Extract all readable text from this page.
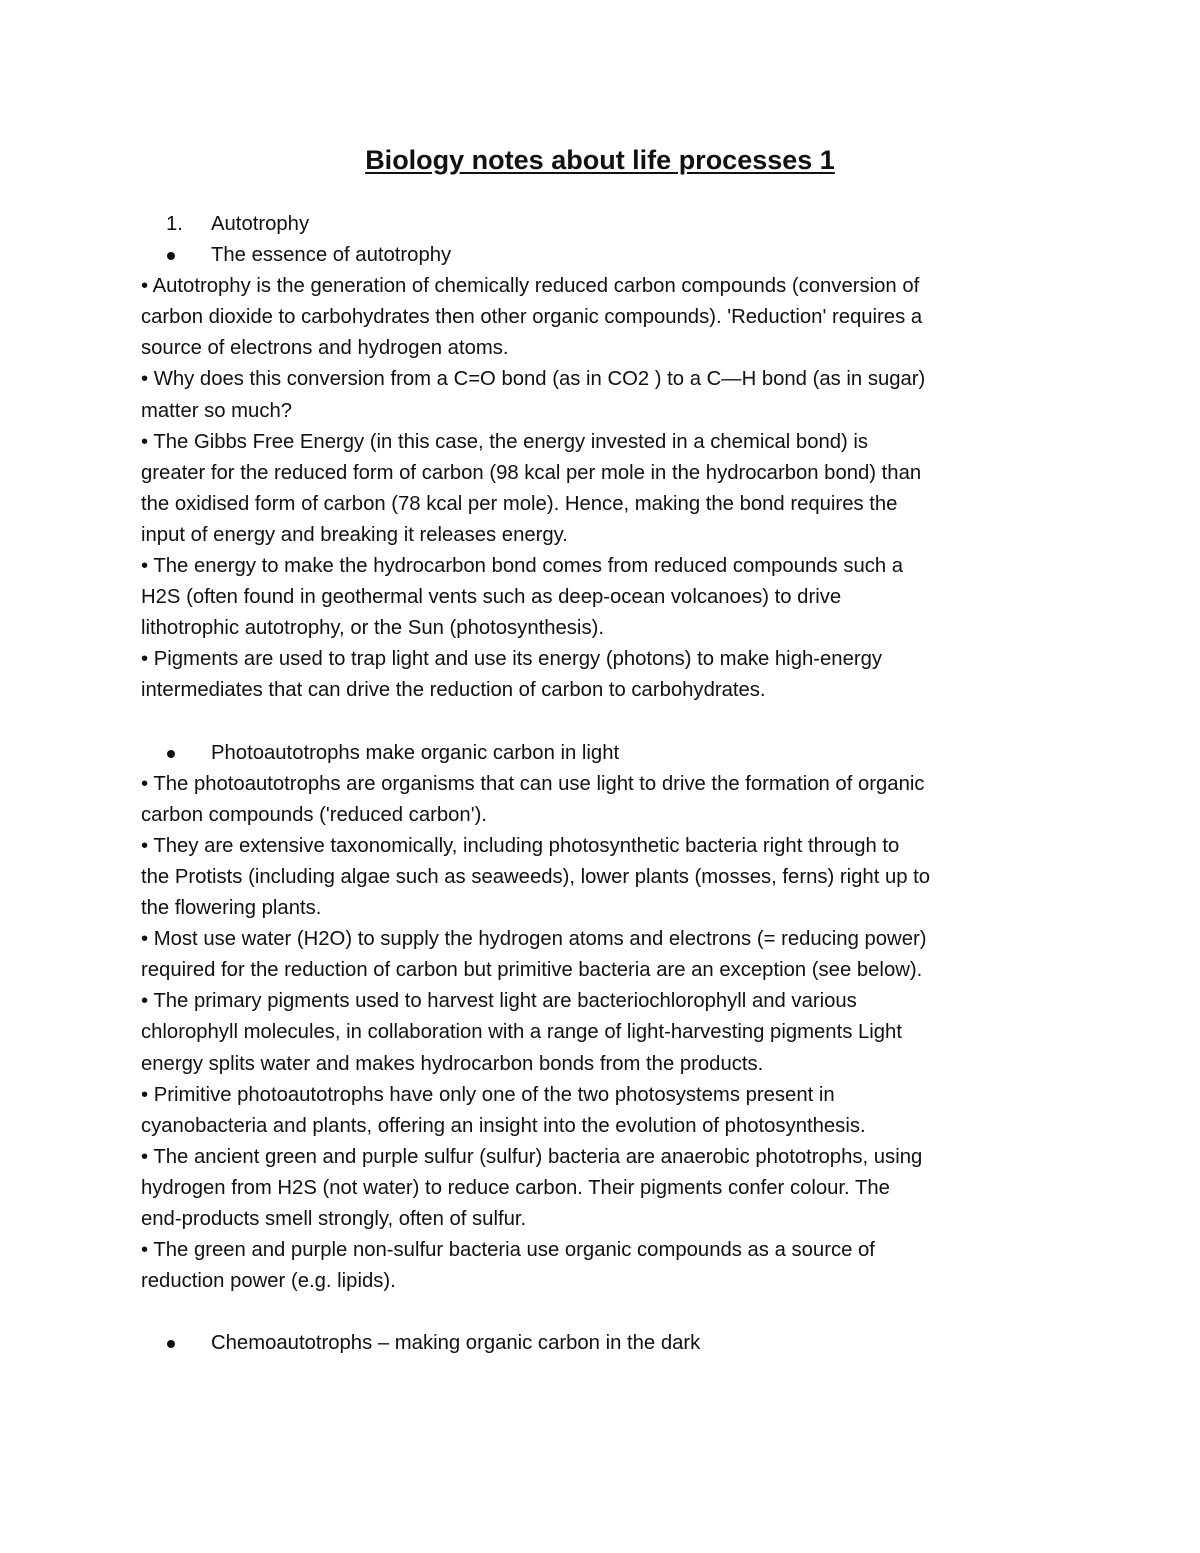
Biology notes about life processes 1
1. Autotrophy
The essence of autotrophy
• Autotrophy is the generation of chemically reduced carbon compounds (conversion of
carbon dioxide to carbohydrates then other organic compounds). 'Reduction' requires a
source of electrons and hydrogen atoms.
• Why does this conversion from a C=O bond (as in CO2 ) to a C—H bond (as in sugar)
matter so much?
• The Gibbs Free Energy (in this case, the energy invested in a chemical bond) is
greater for the reduced form of carbon (98 kcal per mole in the hydrocarbon bond) than
the oxidised form of carbon (78 kcal per mole). Hence, making the bond requires the
input of energy and breaking it releases energy.
• The energy to make the hydrocarbon bond comes from reduced compounds such a
H2S (often found in geothermal vents such as deep-ocean volcanoes) to drive
lithotrophic autotrophy, or the Sun (photosynthesis).
• Pigments are used to trap light and use its energy (photons) to make high-energy
intermediates that can drive the reduction of carbon to carbohydrates.
Photoautotrophs make organic carbon in light
• The photoautotrophs are organisms that can use light to drive the formation of organic
carbon compounds ('reduced carbon').
• They are extensive taxonomically, including photosynthetic bacteria right through to
the Protists (including algae such as seaweeds), lower plants (mosses, ferns) right up to
the flowering plants.
• Most use water (H2O) to supply the hydrogen atoms and electrons (= reducing power)
required for the reduction of carbon but primitive bacteria are an exception (see below).
• The primary pigments used to harvest light are bacteriochlorophyll and various
chlorophyll molecules, in collaboration with a range of light-harvesting pigments Light
energy splits water and makes hydrocarbon bonds from the products.
• Primitive photoautotrophs have only one of the two photosystems present in
cyanobacteria and plants, offering an insight into the evolution of photosynthesis.
• The ancient green and purple sulfur (sulfur) bacteria are anaerobic phototrophs, using
hydrogen from H2S (not water) to reduce carbon. Their pigments confer colour. The
end-products smell strongly, often of sulfur.
• The green and purple non-sulfur bacteria use organic compounds as a source of
reduction power (e.g. lipids).
Chemoautotrophs – making organic carbon in the dark
